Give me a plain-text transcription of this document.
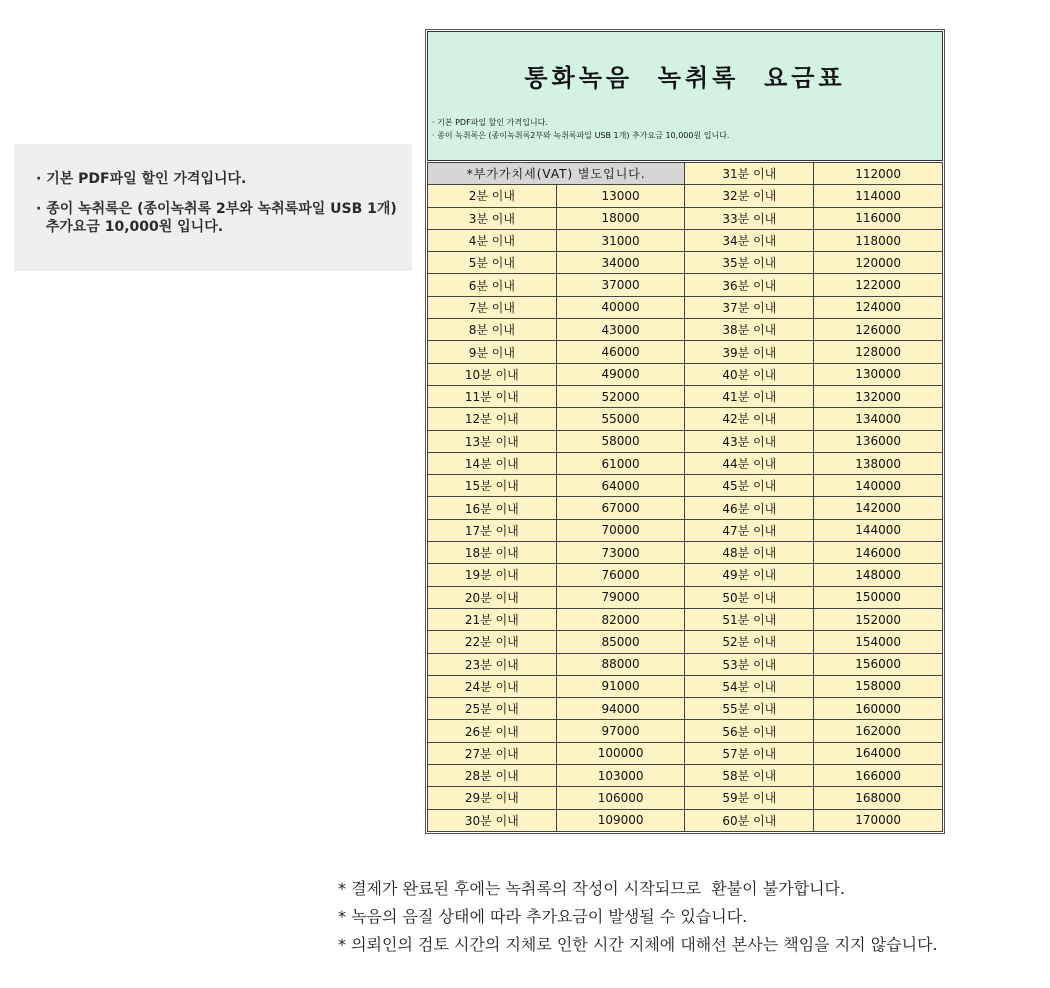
· 기본 PDF파일 할인 가격입니다.

· 종이 녹취록은 (종이녹취록 2부와 녹취록파일 USB 1개)
추가요금 10,000원 입니다.

통화녹음  녹취록  요금표
· 기본 PDF파일 할인 가격입니다.
· 종이 녹취록은 (종이녹취록2부와 녹취록파일 USB 1개) 추가요금 10,000원 입니다.
*부가가치세(VAT) 별도입니다.		31분 이내	112000
2분 이내	13000	32분 이내	114000
3분 이내	18000	33분 이내	116000
4분 이내	31000	34분 이내	118000
5분 이내	34000	35분 이내	120000
6분 이내	37000	36분 이내	122000
7분 이내	40000	37분 이내	124000
8분 이내	43000	38분 이내	126000
9분 이내	46000	39분 이내	128000
10분 이내	49000	40분 이내	130000
11분 이내	52000	41분 이내	132000
12분 이내	55000	42분 이내	134000
13분 이내	58000	43분 이내	136000
14분 이내	61000	44분 이내	138000
15분 이내	64000	45분 이내	140000
16분 이내	67000	46분 이내	142000
17분 이내	70000	47분 이내	144000
18분 이내	73000	48분 이내	146000
19분 이내	76000	49분 이내	148000
20분 이내	79000	50분 이내	150000
21분 이내	82000	51분 이내	152000
22분 이내	85000	52분 이내	154000
23분 이내	88000	53분 이내	156000
24분 이내	91000	54분 이내	158000
25분 이내	94000	55분 이내	160000
26분 이내	97000	56분 이내	162000
27분 이내	100000	57분 이내	164000
28분 이내	103000	58분 이내	166000
29분 이내	106000	59분 이내	168000
30분 이내	109000	60분 이내	170000

* 결제가 완료된 후에는 녹취록의 작성이 시작되므로  환불이 불가합니다.

* 녹음의 음질 상태에 따라 추가요금이 발생될 수 있습니다.

* 의뢰인의 검토 시간의 지체로 인한 시간 지체에 대해선 본사는 책임을 지지 않습니다.
